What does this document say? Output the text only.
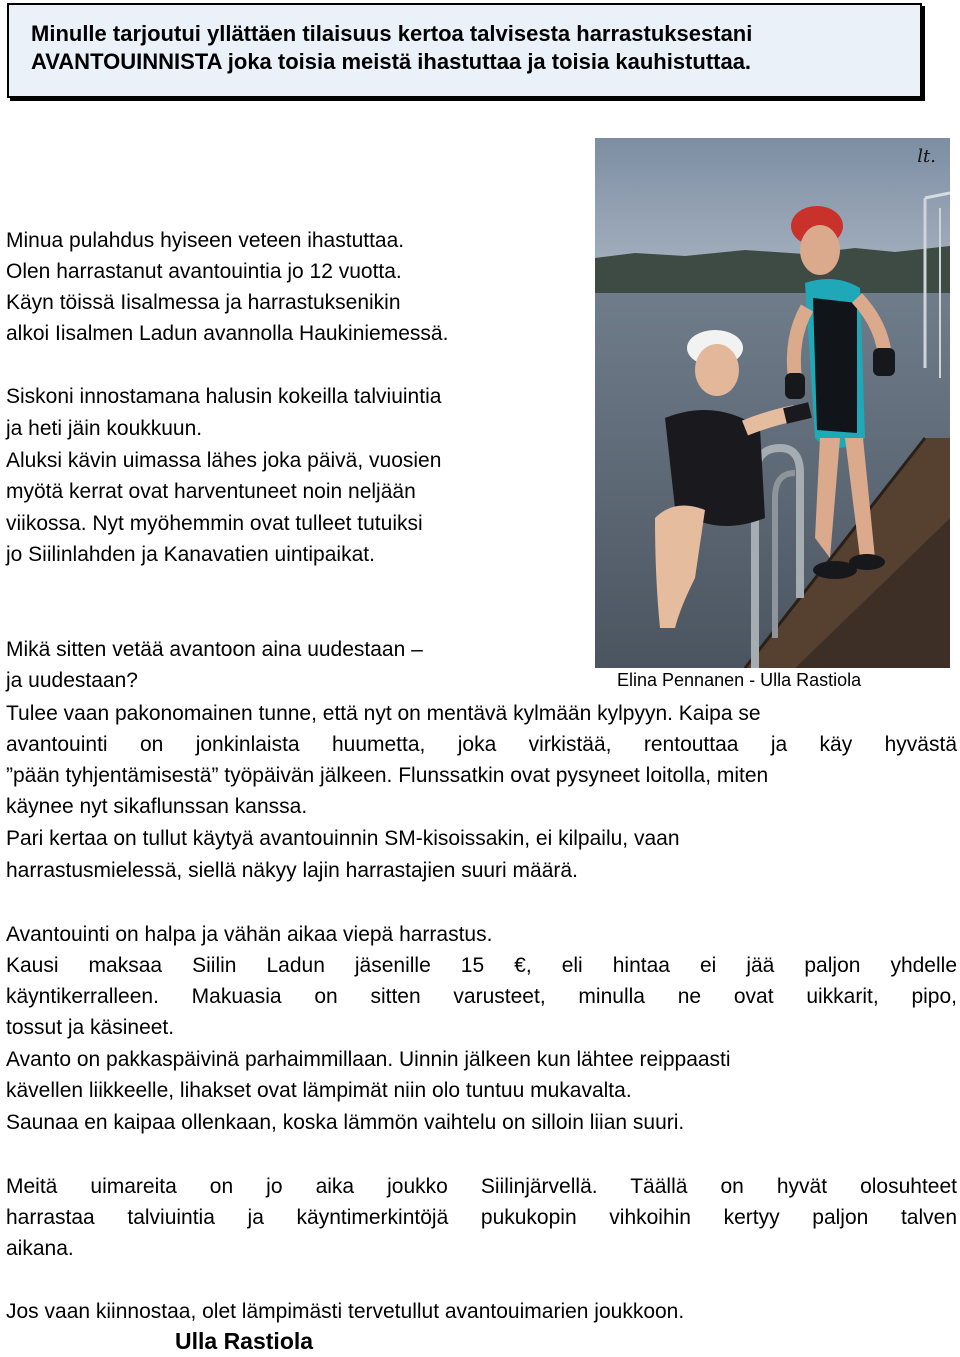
Minulle tarjoutui yllättäen tilaisuus kertoa talvisesta harrastuksestani
AVANTOUINNISTA joka toisia meistä ihastuttaa ja toisia kauhistuttaa.
lt.
Elina Pennanen - Ulla Rastiola
Minua pulahdus hyiseen veteen ihastuttaa.
Olen harrastanut avantouintia jo 12 vuotta.
Käyn töissä Iisalmessa ja harrastuksenikin
alkoi Iisalmen Ladun avannolla Haukiniemessä.
Siskoni innostamana halusin kokeilla talviuintia
ja heti jäin koukkuun.
Aluksi kävin uimassa lähes joka päivä, vuosien
myötä kerrat ovat harventuneet noin neljään
viikossa. Nyt myöhemmin ovat tulleet tutuiksi
jo Siilinlahden ja Kanavatien uintipaikat.
Mikä sitten vetää avantoon aina uudestaan –
ja uudestaan?
Tulee vaan pakonomainen tunne, että nyt on mentävä kylmään kylpyyn. Kaipa se
avantouinti on jonkinlaista huumetta, joka virkistää, rentouttaa ja käy hyvästä
”pään tyhjentämisestä” työpäivän jälkeen. Flunssatkin ovat pysyneet loitolla, miten
käynee nyt sikaflunssan kanssa.
Pari kertaa on tullut käytyä avantouinnin SM-kisoissakin, ei kilpailu, vaan
harrastusmielessä, siellä näkyy lajin harrastajien suuri määrä.
Avantouinti on halpa ja vähän aikaa viepä harrastus.
Kausi maksaa Siilin Ladun jäsenille 15 €, eli hintaa ei jää paljon yhdelle
käyntikerralleen. Makuasia on sitten varusteet, minulla ne ovat uikkarit, pipo,
tossut ja käsineet.
Avanto on pakkaspäivinä parhaimmillaan. Uinnin jälkeen kun lähtee reippaasti
kävellen liikkeelle, lihakset ovat lämpimät niin olo tuntuu mukavalta.
Saunaa en kaipaa ollenkaan, koska lämmön vaihtelu on silloin liian suuri.
Meitä uimareita on jo aika joukko Siilinjärvellä. Täällä on hyvät olosuhteet
harrastaa talviuintia ja käyntimerkintöjä pukukopin vihkoihin kertyy paljon talven
aikana.
Jos vaan kiinnostaa, olet lämpimästi tervetullut avantouimarien joukkoon.
Ulla Rastiola
